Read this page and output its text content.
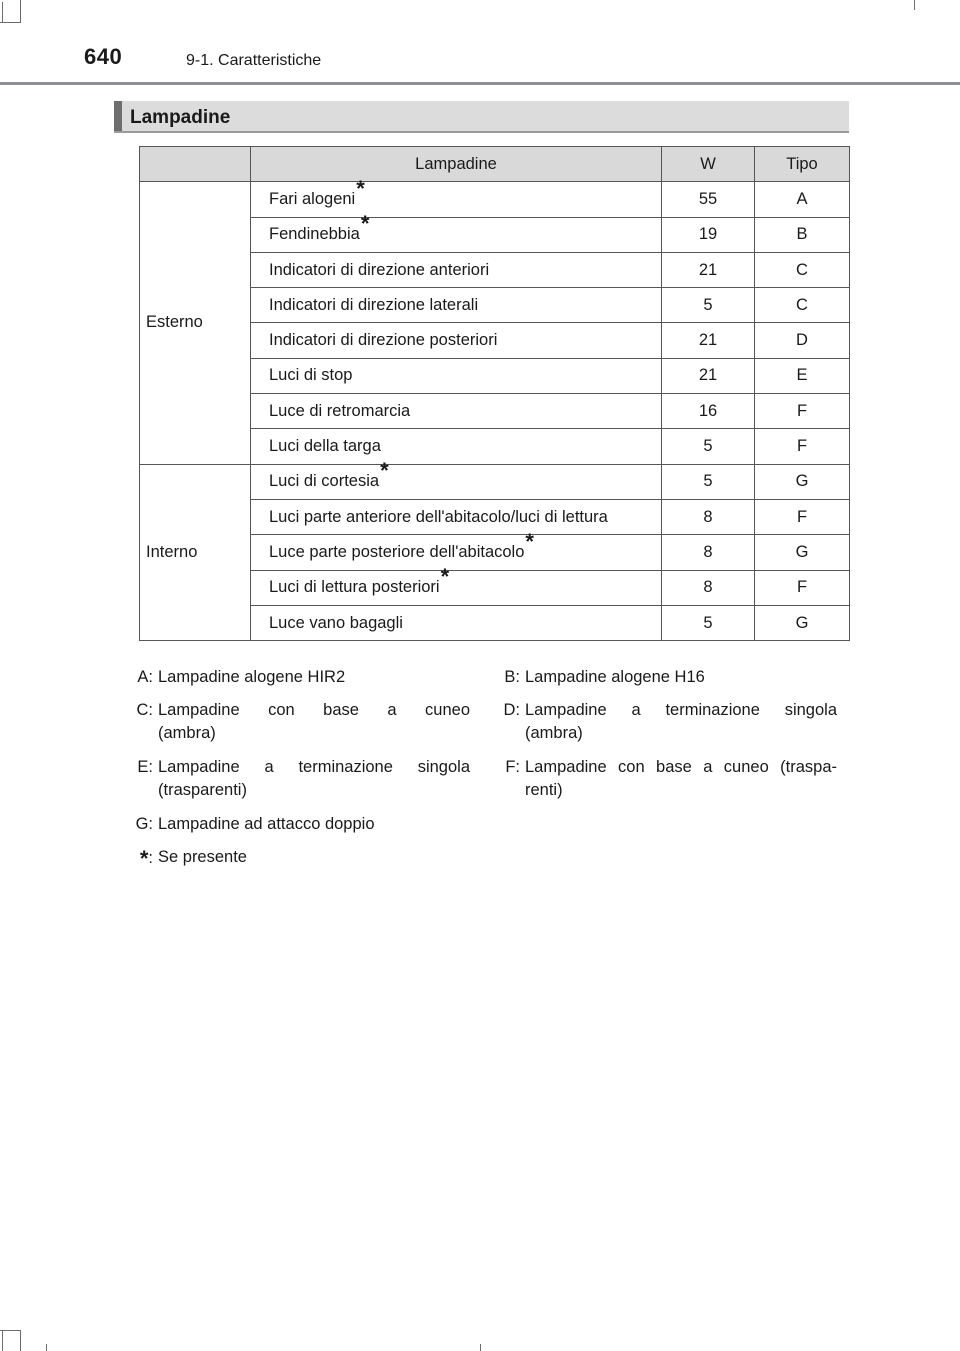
640	9-1. Caratteristiche
Lampadine
	Lampadine	W	Tipo
Esterno	Fari alogeni*	55	A
	Fendinebbia*	19	B
	Indicatori di direzione anteriori	21	C
	Indicatori di direzione laterali	5	C
	Indicatori di direzione posteriori	21	D
	Luci di stop	21	E
	Luce di retromarcia	16	F
	Luci della targa	5	F
Interno	Luci di cortesia*	5	G
	Luci parte anteriore dell'abitacolo/luci di lettura	8	F
	Luce parte posteriore dell'abitacolo*	8	G
	Luci di lettura posteriori*	8	F
	Luce vano bagagli	5	G
A: Lampadine alogene HIR2	B: Lampadine alogene H16
C: Lampadine con base a cuneo
(ambra)
D: Lampadine a terminazione singola
(ambra)
E: Lampadine a terminazione singola
(trasparenti)
F: Lampadine con base a cuneo (traspa-
renti)
G: Lampadine ad attacco doppio
*: Se presente
